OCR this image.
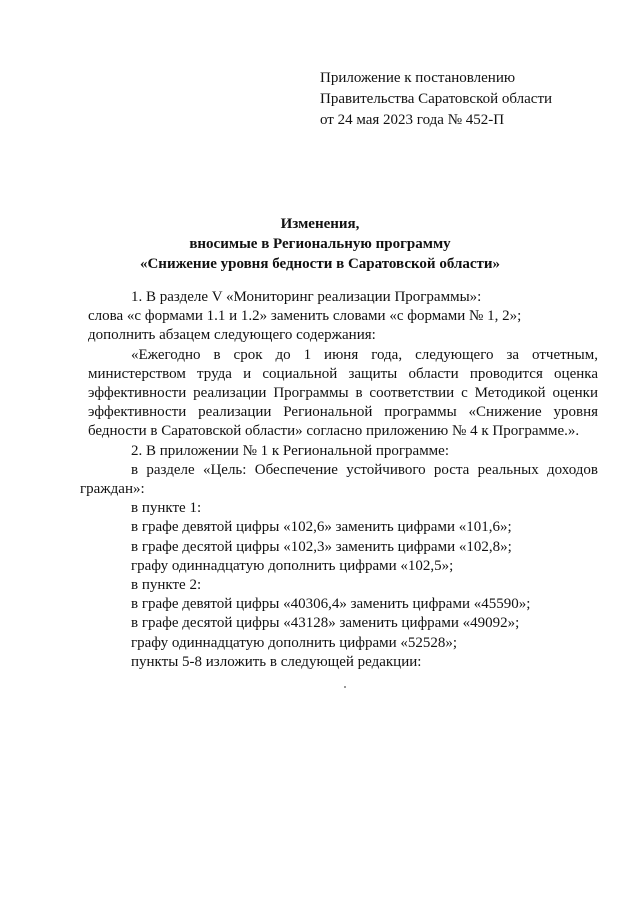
Приложение к постановлению
Правительства Саратовской области
от 24 мая 2023 года № 452-П
Изменения,
вносимые в Региональную программу
«Снижение уровня бедности в Саратовской области»
1. В разделе V «Мониторинг реализации Программы»:
слова «с формами 1.1 и 1.2» заменить словами «с формами № 1, 2»;
дополнить абзацем следующего содержания:
«Ежегодно в срок до 1 июня года, следующего за отчетным,
министерством труда и социальной защиты области проводится оценка
эффективности реализации Программы в соответствии с Методикой оценки
эффективности реализации Региональной программы «Снижение уровня
бедности в Саратовской области» согласно приложению № 4 к Программе.».
2. В приложении № 1 к Региональной программе:
в разделе «Цель: Обеспечение устойчивого роста реальных доходов
граждан»:
в пункте 1:
в графе девятой цифры «102,6» заменить цифрами «101,6»;
в графе десятой цифры «102,3» заменить цифрами «102,8»;
графу одиннадцатую дополнить цифрами «102,5»;
в пункте 2:
в графе девятой цифры «40306,4» заменить цифрами «45590»;
в графе десятой цифры «43128» заменить цифрами «49092»;
графу одиннадцатую дополнить цифрами «52528»;
пункты 5-8 изложить в следующей редакции:
